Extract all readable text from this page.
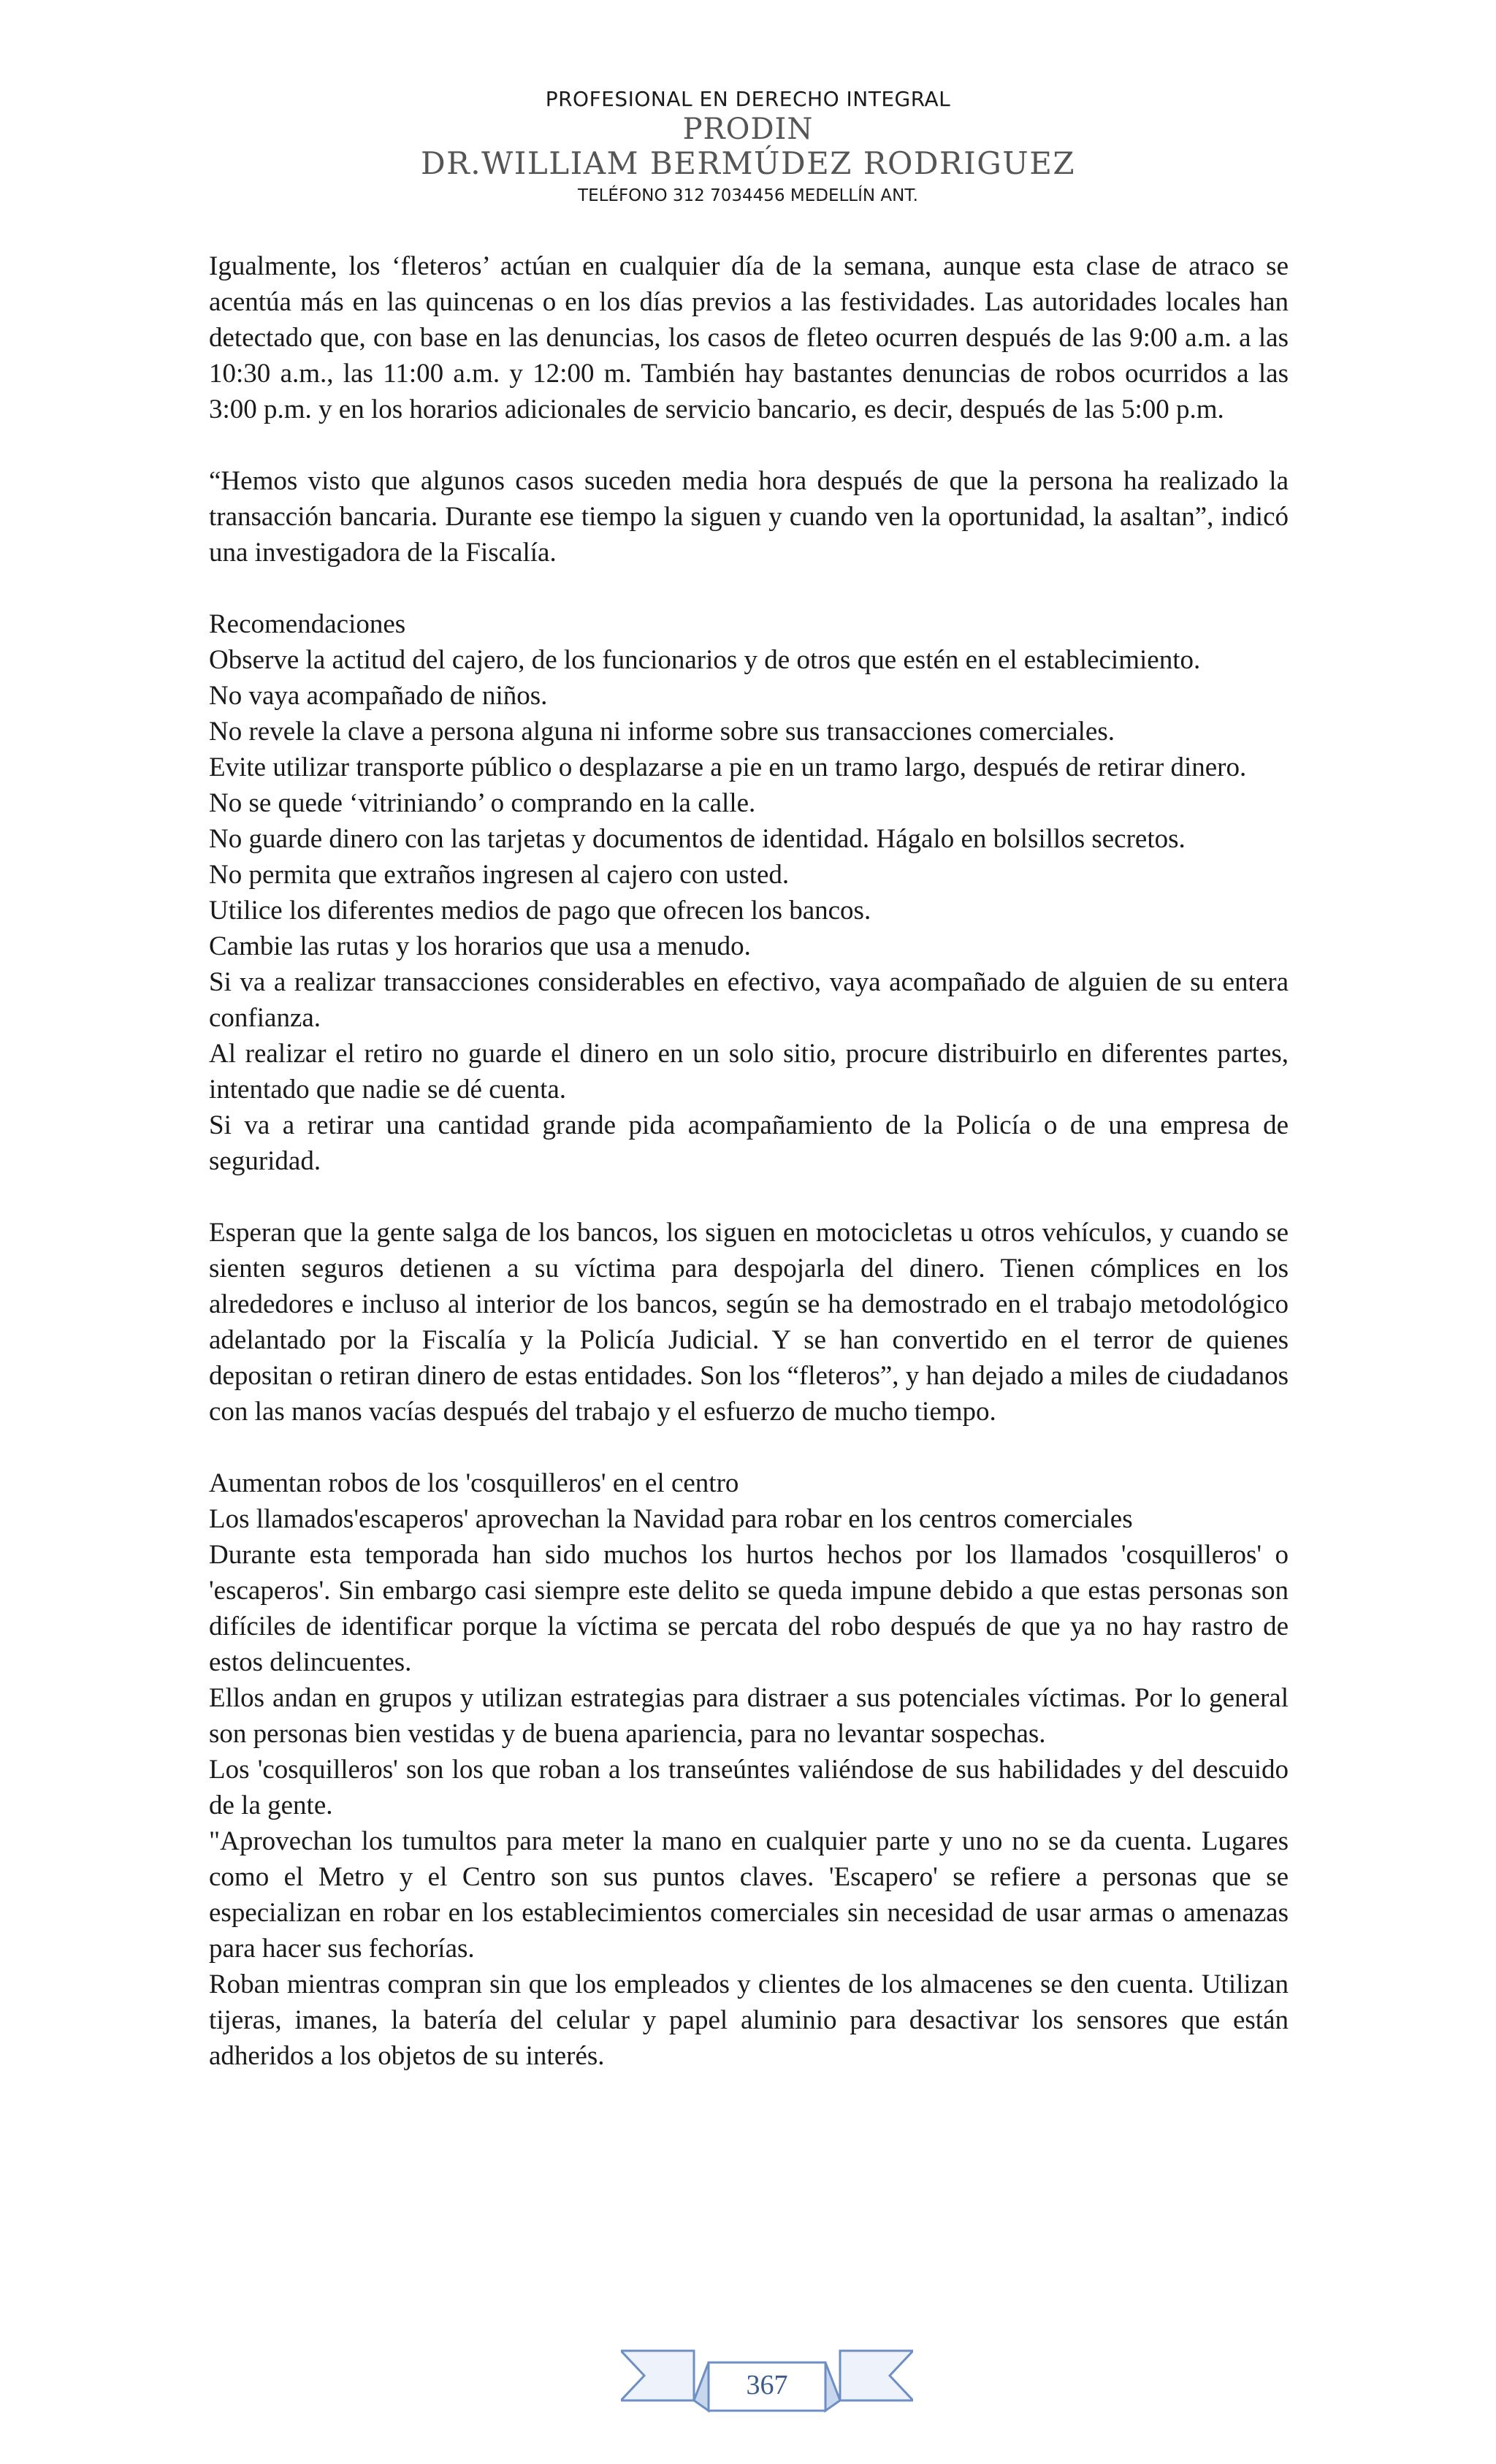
PROFESIONAL EN DERECHO INTEGRAL
PRODIN
DR.WILLIAM BERMÚDEZ RODRIGUEZ
TELÉFONO 312 7034456 MEDELLÍN ANT.

Igualmente, los ‘fleteros’ actúan en cualquier día de la semana, aunque esta clase de atraco se acentúa más en las quincenas o en los días previos a las festividades. Las autoridades locales han detectado que, con base en las denuncias, los casos de fleteo ocurren después de las 9:00 a.m. a las 10:30 a.m., las 11:00 a.m. y 12:00 m. También hay bastantes denuncias de robos ocurridos a las 3:00 p.m. y en los horarios adicionales de servicio bancario, es decir, después de las 5:00 p.m.

“Hemos visto que algunos casos suceden media hora después de que la persona ha realizado la transacción bancaria. Durante ese tiempo la siguen y cuando ven la oportunidad, la asaltan”, indicó una investigadora de la Fiscalía.

Recomendaciones

Observe la actitud del cajero, de los funcionarios y de otros que estén en el establecimiento.

No vaya acompañado de niños.

No revele la clave a persona alguna ni informe sobre sus transacciones comerciales.

Evite utilizar transporte público o desplazarse a pie en un tramo largo, después de retirar dinero.

No se quede ‘vitriniando’ o comprando en la calle.

No guarde dinero con las tarjetas y documentos de identidad. Hágalo en bolsillos secretos.

No permita que extraños ingresen al cajero con usted.

Utilice los diferentes medios de pago que ofrecen los bancos.

Cambie las rutas y los horarios que usa a menudo.

Si va a realizar transacciones considerables en efectivo, vaya acompañado de alguien de su entera confianza.

Al realizar el retiro no guarde el dinero en un solo sitio, procure distribuirlo en diferentes partes, intentado que nadie se dé cuenta.

Si va a retirar una cantidad grande pida acompañamiento de la Policía o de una empresa de seguridad.

Esperan que la gente salga de los bancos, los siguen en motocicletas u otros vehículos, y cuando se sienten seguros detienen a su víctima para despojarla del dinero. Tienen cómplices en los alrededores e incluso al interior de los bancos, según se ha demostrado en el trabajo metodológico adelantado por la Fiscalía y la Policía Judicial. Y se han convertido en el terror de quienes depositan o retiran dinero de estas entidades. Son los “fleteros”, y han dejado a miles de ciudadanos con las manos vacías después del trabajo y el esfuerzo de mucho tiempo.

Aumentan robos de los 'cosquilleros' en el centro

Los llamados'escaperos' aprovechan la Navidad para robar en los centros comerciales

Durante esta temporada han sido muchos los hurtos hechos por los llamados 'cosquilleros' o 'escaperos'. Sin embargo casi siempre este delito se queda impune debido a que estas personas son difíciles de identificar porque la víctima se percata del robo después de que ya no hay rastro de estos delincuentes.

Ellos andan en grupos y utilizan estrategias para distraer a sus potenciales víctimas. Por lo general son personas bien vestidas y de buena apariencia, para no levantar sospechas.

Los 'cosquilleros' son los que roban a los transeúntes valiéndose de sus habilidades y del descuido de la gente.

"Aprovechan los tumultos para meter la mano en cualquier parte y uno no se da cuenta. Lugares como el Metro y el Centro son sus puntos claves. 'Escapero' se refiere a personas que se especializan en robar en los establecimientos comerciales sin necesidad de usar armas o amenazas para hacer sus fechorías.

Roban mientras compran sin que los empleados y clientes de los almacenes se den cuenta. Utilizan tijeras, imanes, la batería del celular y papel aluminio para desactivar los sensores que están adheridos a los objetos de su interés.

367
